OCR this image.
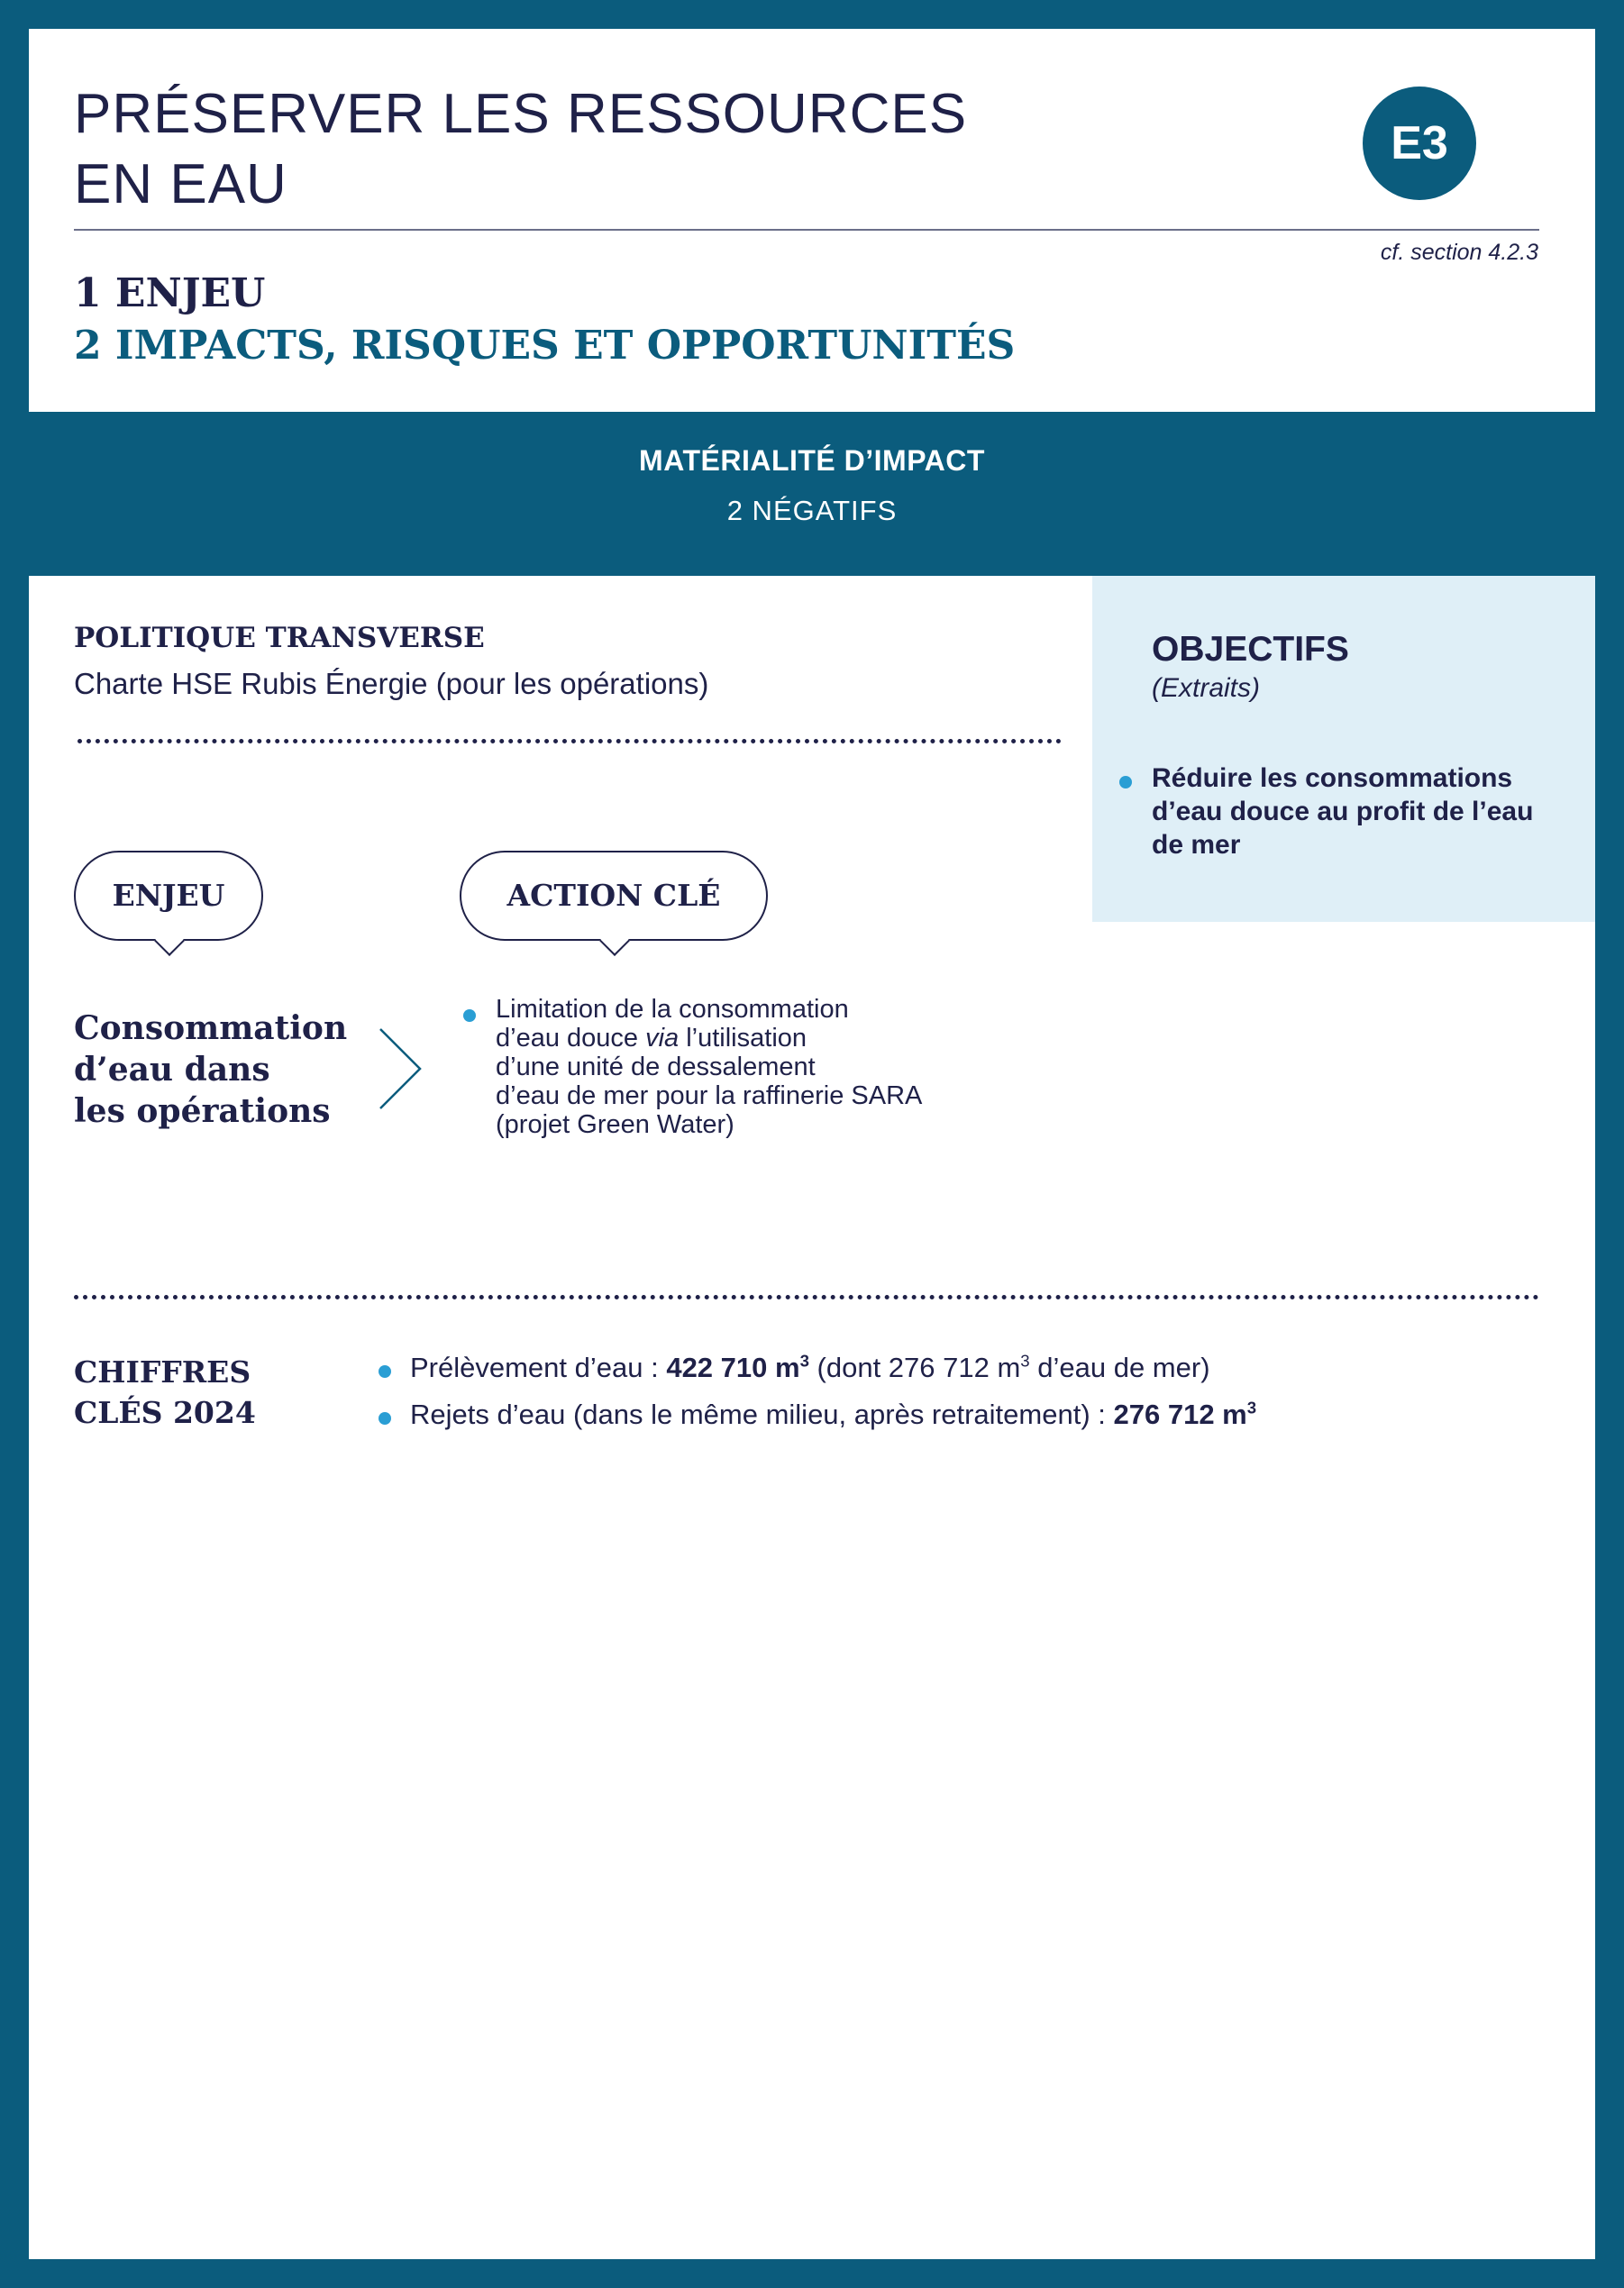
PRÉSERVER LES RESSOURCES
EN EAU
E3
cf. section 4.2.3
1 ENJEU
2 IMPACTS, RISQUES ET OPPORTUNITÉS
MATÉRIALITÉ D’IMPACT
2 NÉGATIFS
POLITIQUE TRANSVERSE
Charte HSE Rubis Énergie (pour les opérations)
OBJECTIFS
(Extraits)
Réduire les consommations d’eau douce au profit de l’eau de mer
ENJEU	ACTION CLÉ
Consommation
d’eau dans
les opérations
Limitation de la consommation
d’eau douce via l’utilisation
d’une unité de dessalement
d’eau de mer pour la raffinerie SARA
(projet Green Water)
CHIFFRES
CLÉS 2024
Prélèvement d’eau : 422 710 $m^3$ (dont 276 712 $m^3$ d’eau de mer)
Rejets d’eau (dans le même milieu, après retraitement) : 276 712 $m^3$
